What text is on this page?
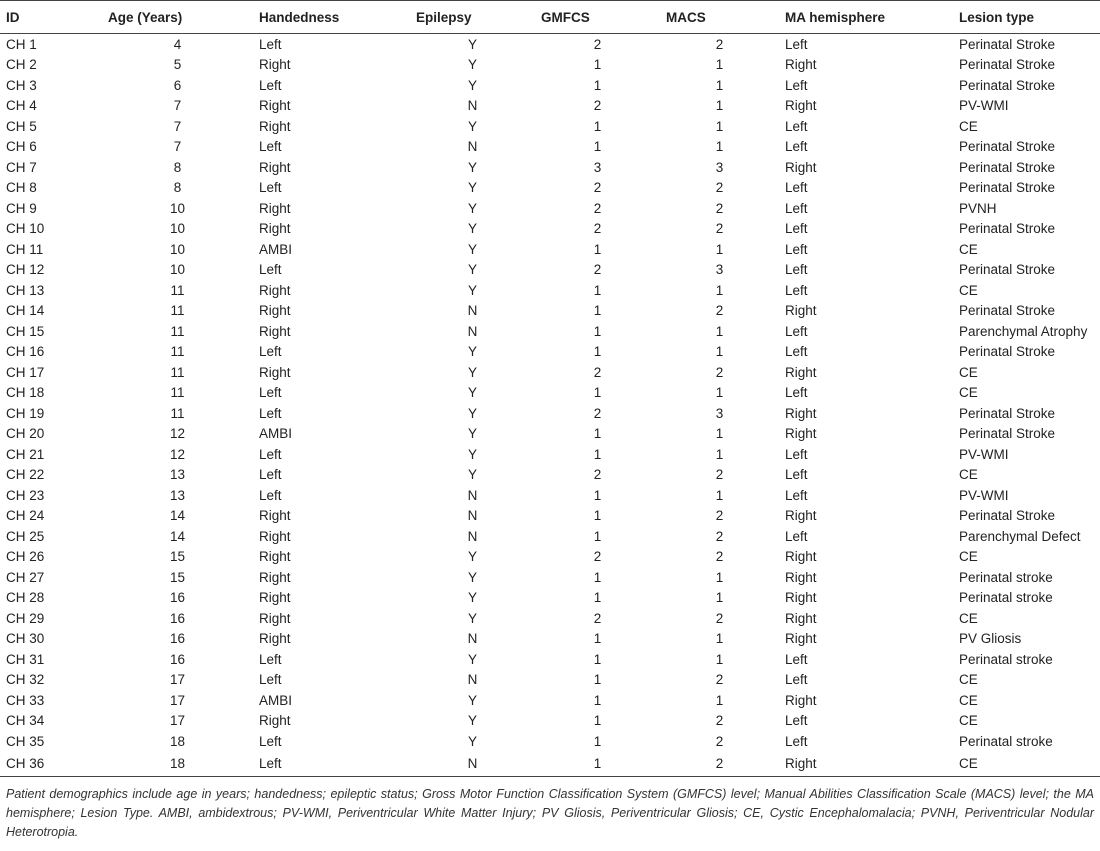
ID	Age (Years)	Handedness	Epilepsy	GMFCS	MACS	MA hemisphere	Lesion type
CH 1	4	Left	Y	2	2	Left	Perinatal Stroke
CH 2	5	Right	Y	1	1	Right	Perinatal Stroke
CH 3	6	Left	Y	1	1	Left	Perinatal Stroke
CH 4	7	Right	N	2	1	Right	PV-WMI
CH 5	7	Right	Y	1	1	Left	CE
CH 6	7	Left	N	1	1	Left	Perinatal Stroke
CH 7	8	Right	Y	3	3	Right	Perinatal Stroke
CH 8	8	Left	Y	2	2	Left	Perinatal Stroke
CH 9	10	Right	Y	2	2	Left	PVNH
CH 10	10	Right	Y	2	2	Left	Perinatal Stroke
CH 11	10	AMBI	Y	1	1	Left	CE
CH 12	10	Left	Y	2	3	Left	Perinatal Stroke
CH 13	11	Right	Y	1	1	Left	CE
CH 14	11	Right	N	1	2	Right	Perinatal Stroke
CH 15	11	Right	N	1	1	Left	Parenchymal Atrophy
CH 16	11	Left	Y	1	1	Left	Perinatal Stroke
CH 17	11	Right	Y	2	2	Right	CE
CH 18	11	Left	Y	1	1	Left	CE
CH 19	11	Left	Y	2	3	Right	Perinatal Stroke
CH 20	12	AMBI	Y	1	1	Right	Perinatal Stroke
CH 21	12	Left	Y	1	1	Left	PV-WMI
CH 22	13	Left	Y	2	2	Left	CE
CH 23	13	Left	N	1	1	Left	PV-WMI
CH 24	14	Right	N	1	2	Right	Perinatal Stroke
CH 25	14	Right	N	1	2	Left	Parenchymal Defect
CH 26	15	Right	Y	2	2	Right	CE
CH 27	15	Right	Y	1	1	Right	Perinatal stroke
CH 28	16	Right	Y	1	1	Right	Perinatal stroke
CH 29	16	Right	Y	2	2	Right	CE
CH 30	16	Right	N	1	1	Right	PV Gliosis
CH 31	16	Left	Y	1	1	Left	Perinatal stroke
CH 32	17	Left	N	1	2	Left	CE
CH 33	17	AMBI	Y	1	1	Right	CE
CH 34	17	Right	Y	1	2	Left	CE
CH 35	18	Left	Y	1	2	Left	Perinatal stroke
CH 36	18	Left	N	1	2	Right	CE
Patient demographics include age in years; handedness; epileptic status; Gross Motor Function Classification System (GMFCS) level; Manual Abilities Classification Scale (MACS) level; the MA hemisphere; Lesion Type. AMBI, ambidextrous; PV-WMI, Periventricular White Matter Injury; PV Gliosis, Periventricular Gliosis; CE, Cystic Encephalomalacia; PVNH, Periventricular Nodular Heterotropia.
